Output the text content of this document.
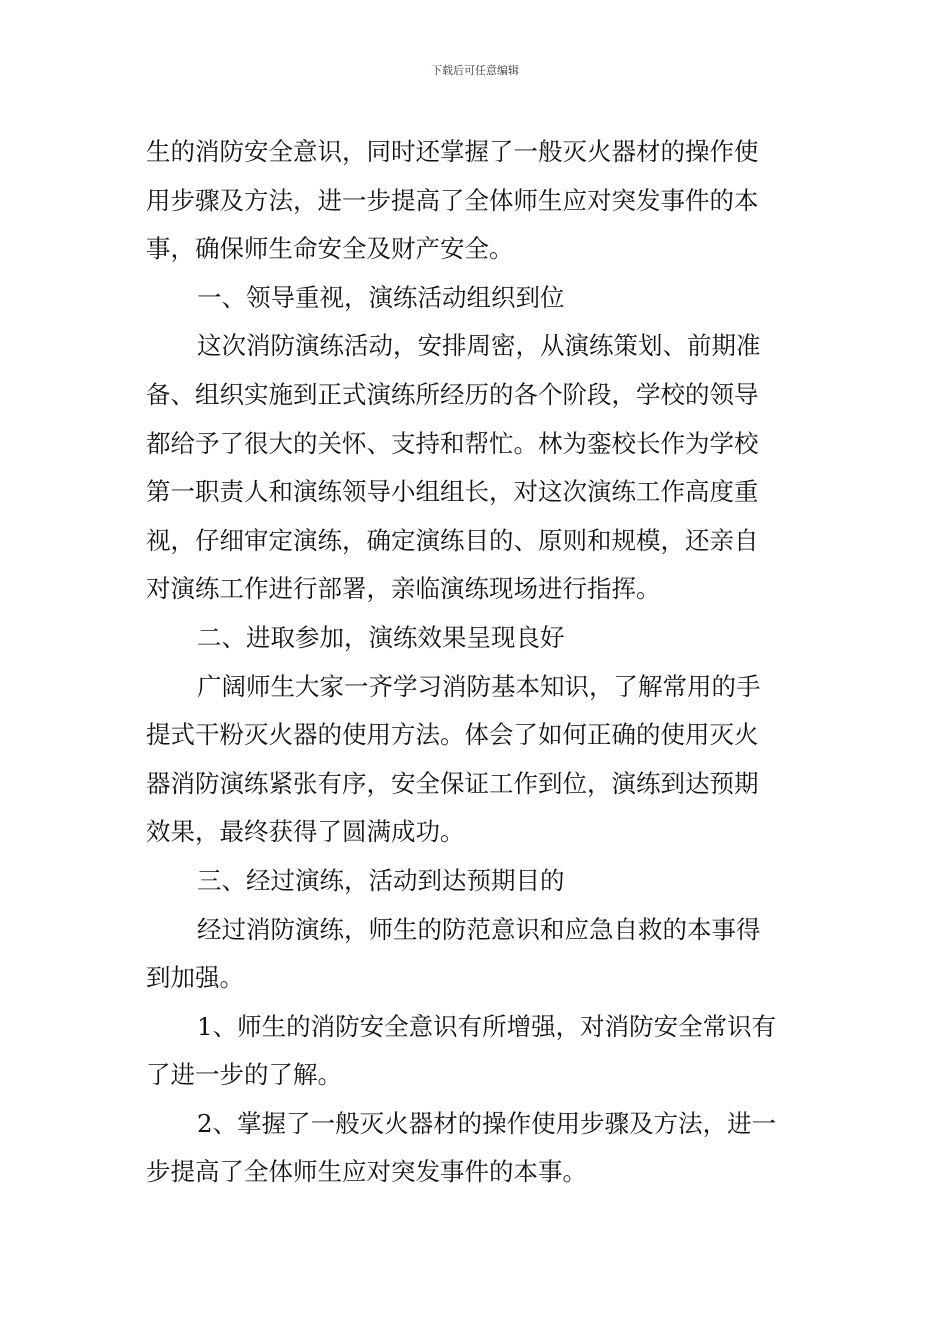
下载后可任意编辑
生的消防安全意识，同时还掌握了一般灭火器材的操作使
用步骤及方法，进一步提高了全体师生应对突发事件的本
事，确保师生命安全及财产安全。
一、领导重视，演练活动组织到位
这次消防演练活动，安排周密，从演练策划、前期准
备、组织实施到正式演练所经历的各个阶段，学校的领导
都给予了很大的关怀、支持和帮忙。林为銮校长作为学校
第一职责人和演练领导小组组长，对这次演练工作高度重
视，仔细审定演练，确定演练目的、原则和规模，还亲自
对演练工作进行部署，亲临演练现场进行指挥。
二、进取参加，演练效果呈现良好
广阔师生大家一齐学习消防基本知识，了解常用的手
提式干粉灭火器的使用方法。体会了如何正确的使用灭火
器消防演练紧张有序，安全保证工作到位，演练到达预期
效果，最终获得了圆满成功。
三、经过演练，活动到达预期目的
经过消防演练，师生的防范意识和应急自救的本事得
到加强。
1、师生的消防安全意识有所增强，对消防安全常识有
了进一步的了解。
2、掌握了一般灭火器材的操作使用步骤及方法，进一
步提高了全体师生应对突发事件的本事。
